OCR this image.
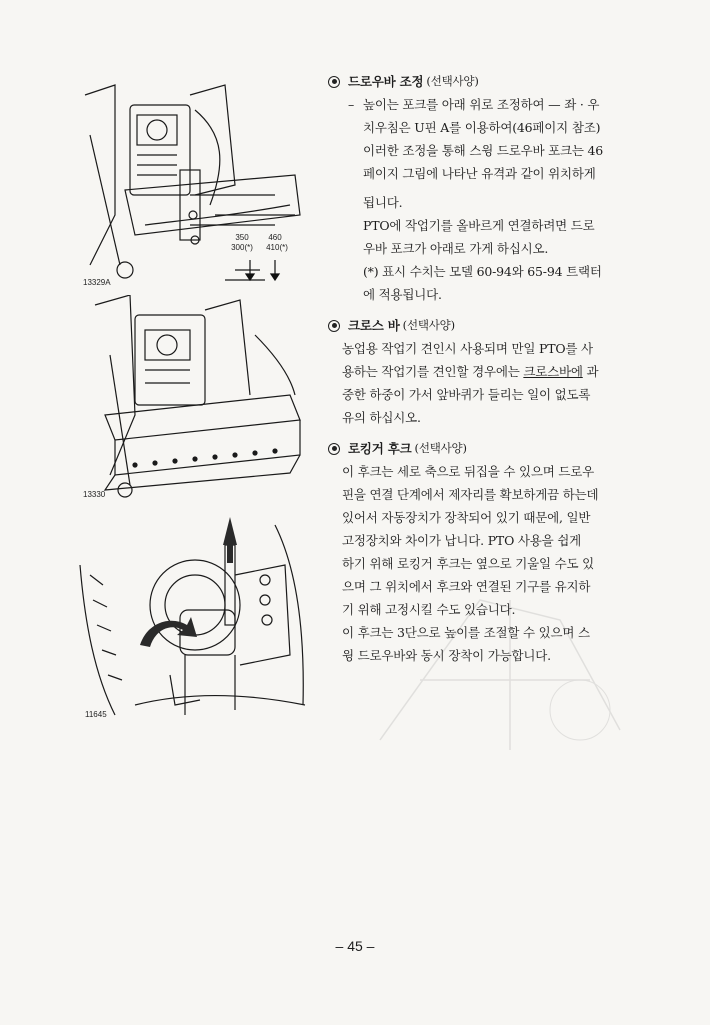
350
300(*)
460
410(*)
13329A
13330
11645
드로우바 조정 (선택사양)
– 높이는 포크를 아래 위로 조정하여 — 좌 · 우

치우침은 U핀 A를 이용하여(46페이지 참조)

이러한 조정을 통해 스윙 드로우바 포크는 46

페이지 그림에 나타난 유격과 같이 위치하게

됩니다.

PTO에 작업기를 올바르게 연결하려면 드로

우바 포크가 아래로 가게 하십시오.

(*) 표시 수치는 모델 60-94와 65-94 트랙터

에 적용됩니다.

크로스 바 (선택사양)

농업용 작업기 견인시 사용되며 만일 PTO를 사

용하는 작업기를 견인할 경우에는 크로스바에 과

중한 하중이 가서 앞바퀴가 들리는 일이 없도록

유의 하십시오.

로킹거 후크 (선택사양)

이 후크는 세로 축으로 뒤집을 수 있으며 드로우

핀을 연결 단계에서 제자리를 확보하게끔 하는데

있어서 자동장치가 장착되어 있기 때문에, 일반

고정장치와 차이가 납니다. PTO 사용을 쉽게

하기 위해 로킹거 후크는 옆으로 기울일 수도 있

으며 그 위치에서 후크와 연결된 기구를 유지하

기 위해 고정시킬 수도 있습니다.

이 후크는 3단으로 높이를 조절할 수 있으며 스

윙 드로우바와 동시 장착이 가능합니다.

– 45 –
